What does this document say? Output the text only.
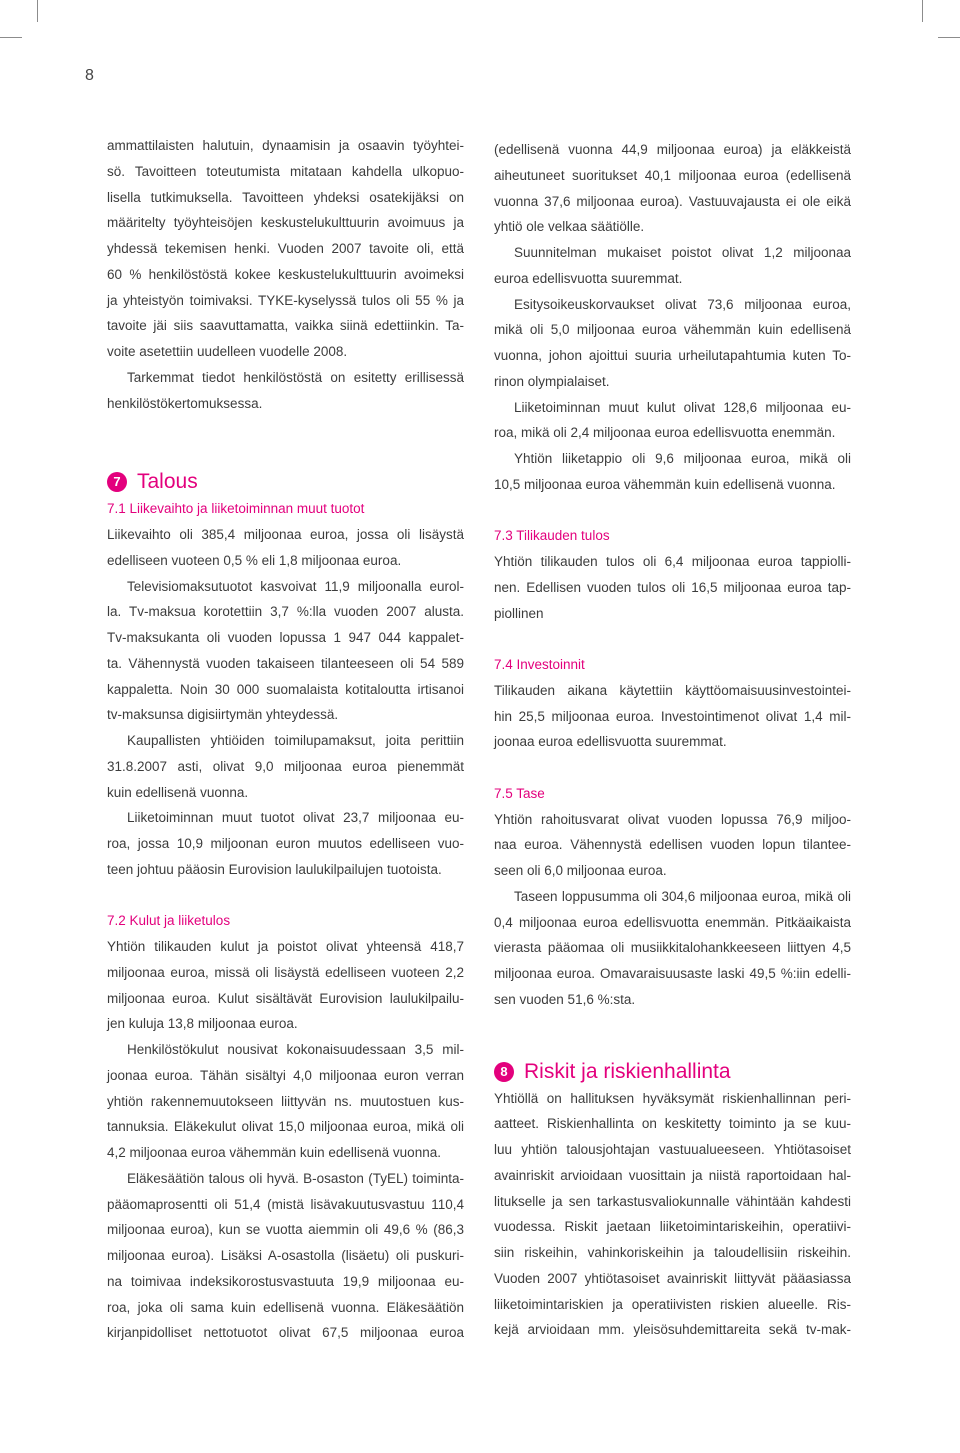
8
ammattilaisten halutuin, dynaamisin ja osaavin työyhtei-
sö. Tavoitteen toteutumista mitataan kahdella ulkopuo-
lisella tutkimuksella. Tavoitteen yhdeksi osatekijäksi on
määritelty työyhteisöjen keskustelukulttuurin avoimuus ja
yhdessä tekemisen henki. Vuoden 2007 tavoite oli, että
60 % henkilöstöstä kokee keskustelukulttuurin avoimeksi
ja yhteistyön toimivaksi. TYKE-kyselyssä tulos oli 55 % ja
tavoite jäi siis saavuttamatta, vaikka siinä edettiinkin. Ta-
voite asetettiin uudelleen vuodelle 2008.
Tarkemmat tiedot henkilöstöstä on esitetty erillisessä
henkilöstökertomuksessa.
7 Talous
7.1 Liikevaihto ja liiketoiminnan muut tuotot
Liikevaihto oli 385,4 miljoonaa euroa, jossa oli lisäystä
edelliseen vuoteen 0,5 % eli 1,8 miljoonaa euroa.
Televisiomaksutuotot kasvoivat 11,9 miljoonalla eurol-
la. Tv-maksua korotettiin 3,7 %:lla vuoden 2007 alusta.
Tv-maksukanta oli vuoden lopussa 1 947 044 kappalet-
ta. Vähennystä vuoden takaiseen tilanteeseen oli 54 589
kappaletta. Noin 30 000 suomalaista kotitaloutta irtisanoi
tv-maksunsa digisiirtymän yhteydessä.
Kaupallisten yhtiöiden toimilupamaksut, joita perittiin
31.8.2007 asti, olivat 9,0 miljoonaa euroa pienemmät
kuin edellisenä vuonna.
Liiketoiminnan muut tuotot olivat 23,7 miljoonaa eu-
roa, jossa 10,9 miljoonan euron muutos edelliseen vuo-
teen johtuu pääosin Eurovision laulukilpailujen tuotoista.
7.2 Kulut ja liiketulos
Yhtiön tilikauden kulut ja poistot olivat yhteensä 418,7
miljoonaa euroa, missä oli lisäystä edelliseen vuoteen 2,2
miljoonaa euroa. Kulut sisältävät Eurovision laulukilpailu-
jen kuluja 13,8 miljoonaa euroa.
Henkilöstökulut nousivat kokonaisuudessaan 3,5 mil-
joonaa euroa. Tähän sisältyi 4,0 miljoonaa euron verran
yhtiön rakennemuutokseen liittyvän ns. muutostuen kus-
tannuksia. Eläkekulut olivat 15,0 miljoonaa euroa, mikä oli
4,2 miljoonaa euroa vähemmän kuin edellisenä vuonna.
Eläkesäätiön talous oli hyvä. B-osaston (TyEL) toiminta-
pääomaprosentti oli 51,4 (mistä lisävakuutusvastuu 110,4
miljoonaa euroa), kun se vuotta aiemmin oli 49,6 % (86,3
miljoonaa euroa). Lisäksi A-osastolla (lisäetu) oli puskuri-
na toimivaa indeksikorostusvastuuta 19,9 miljoonaa eu-
roa, joka oli sama kuin edellisenä vuonna. Eläkesäätiön
kirjanpidolliset nettotuotot olivat 67,5 miljoonaa euroa
(edellisenä vuonna 44,9 miljoonaa euroa) ja eläkkeistä
aiheutuneet suoritukset 40,1 miljoonaa euroa (edellisenä
vuonna 37,6 miljoonaa euroa). Vastuuvajausta ei ole eikä
yhtiö ole velkaa säätiölle.
Suunnitelman mukaiset poistot olivat 1,2 miljoonaa
euroa edellisvuotta suuremmat.
Esitysoikeuskorvaukset olivat 73,6 miljoonaa euroa,
mikä oli 5,0 miljoonaa euroa vähemmän kuin edellisenä
vuonna, johon ajoittui suuria urheilutapahtumia kuten To-
rinon olympialaiset.
Liiketoiminnan muut kulut olivat 128,6 miljoonaa eu-
roa, mikä oli 2,4 miljoonaa euroa edellisvuotta enemmän.
Yhtiön liiketappio oli 9,6 miljoonaa euroa, mikä oli
10,5 miljoonaa euroa vähemmän kuin edellisenä vuonna.
7.3 Tilikauden tulos
Yhtiön tilikauden tulos oli 6,4 miljoonaa euroa tappiolli-
nen. Edellisen vuoden tulos oli 16,5 miljoonaa euroa tap-
piollinen
7.4 Investoinnit
Tilikauden aikana käytettiin käyttöomaisuusinvestointei-
hin 25,5 miljoonaa euroa. Investointimenot olivat 1,4 mil-
joonaa euroa edellisvuotta suuremmat.
7.5 Tase
Yhtiön rahoitusvarat olivat vuoden lopussa 76,9 miljoo-
naa euroa. Vähennystä edellisen vuoden lopun tilantee-
seen oli 6,0 miljoonaa euroa.
Taseen loppusumma oli 304,6 miljoonaa euroa, mikä oli
0,4 miljoonaa euroa edellisvuotta enemmän. Pitkäaikaista
vierasta pääomaa oli musiikkitalohankkeeseen liittyen 4,5
miljoonaa euroa. Omavaraisuusaste laski 49,5 %:iin edelli-
sen vuoden 51,6 %:sta.
8 Riskit ja riskienhallinta
Yhtiöllä on hallituksen hyväksymät riskienhallinnan peri-
aatteet. Riskienhallinta on keskitetty toiminto ja se kuu-
luu yhtiön talousjohtajan vastuualueeseen. Yhtiötasoiset
avainriskit arvioidaan vuosittain ja niistä raportoidaan hal-
litukselle ja sen tarkastusvaliokunnalle vähintään kahdesti
vuodessa. Riskit jaetaan liiketoimintariskeihin, operatiivi-
siin riskeihin, vahinkoriskeihin ja taloudellisiin riskeihin.
Vuoden 2007 yhtiötasoiset avainriskit liittyvät pääasiassa
liiketoimintariskien ja operatiivisten riskien alueelle. Ris-
kejä arvioidaan mm. yleisösuhdemittareita sekä tv-mak-
